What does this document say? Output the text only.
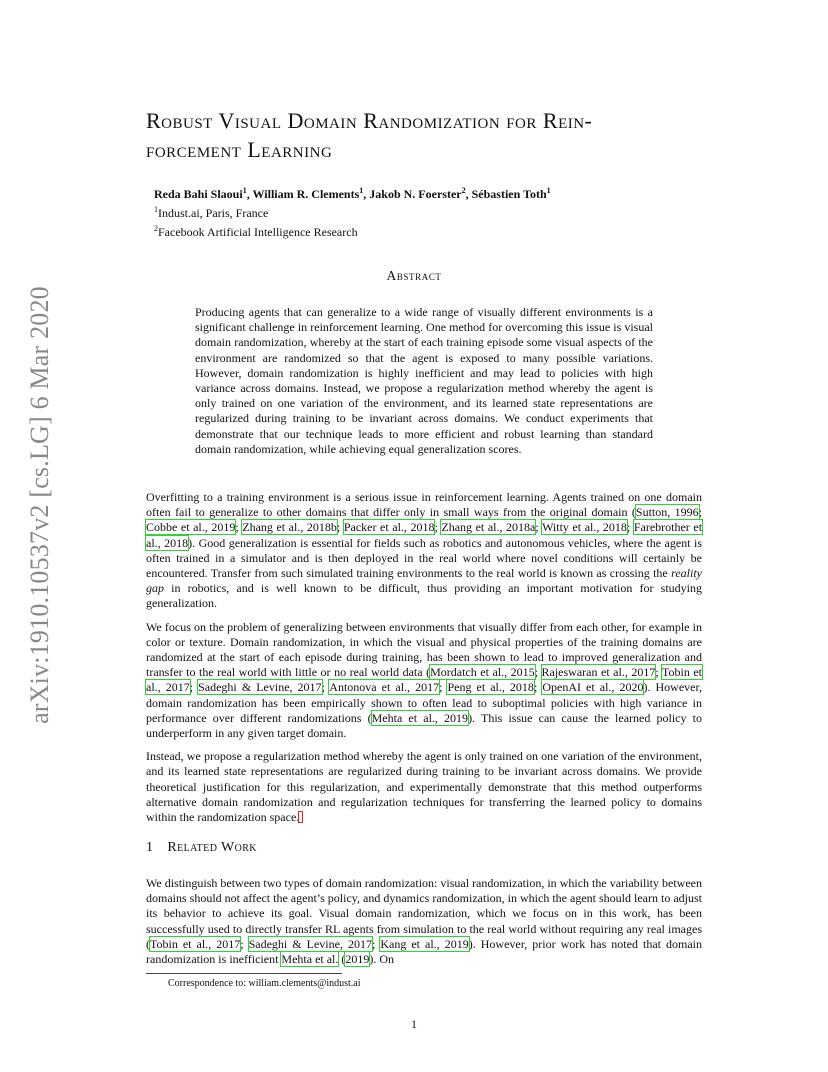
arXiv:1910.10537v2 [cs.LG] 6 Mar 2020
Robust Visual Domain Randomization for Rein-
forcement Learning
Reda Bahi Slaoui$^1$, William R. Clements$^1$, Jakob N. Foerster$^2$, Sébastien Toth$^1$
$^1$Indust.ai, Paris, France
$^2$Facebook Artificial Intelligence Research
Abstract

Producing agents that can generalize to a wide range of visually different environments is a significant challenge in reinforcement learning. One method for overcoming this issue is visual domain randomization, whereby at the start of each training episode some visual aspects of the environment are randomized so that the agent is exposed to many possible variations. However, domain randomization is highly inefficient and may lead to policies with high variance across domains. Instead, we propose a regularization method whereby the agent is only trained on one variation of the environment, and its learned state representations are regularized during training to be invariant across domains. We conduct experiments that demonstrate that our technique leads to more efficient and robust learning than standard domain randomization, while achieving equal generalization scores.

Overfitting to a training environment is a serious issue in reinforcement learning. Agents trained on one domain often fail to generalize to other domains that differ only in small ways from the original domain (Sutton, 1996; Cobbe et al., 2019; Zhang et al., 2018b; Packer et al., 2018; Zhang et al., 2018a; Witty et al., 2018; Farebrother et al., 2018). Good generalization is essential for fields such as robotics and autonomous vehicles, where the agent is often trained in a simulator and is then deployed in the real world where novel conditions will certainly be encountered. Transfer from such simulated training environments to the real world is known as crossing the reality gap in robotics, and is well known to be difficult, thus providing an important motivation for studying generalization.

We focus on the problem of generalizing between environments that visually differ from each other, for example in color or texture. Domain randomization, in which the visual and physical properties of the training domains are randomized at the start of each episode during training, has been shown to lead to improved generalization and transfer to the real world with little or no real world data (Mordatch et al., 2015; Rajeswaran et al., 2017; Tobin et al., 2017; Sadeghi & Levine, 2017; Antonova et al., 2017; Peng et al., 2018; OpenAI et al., 2020). However, domain randomization has been empirically shown to often lead to suboptimal policies with high variance in performance over different randomizations (Mehta et al., 2019). This issue can cause the learned policy to underperform in any given target domain.

Instead, we propose a regularization method whereby the agent is only trained on one variation of the environment, and its learned state representations are regularized during training to be invariant across domains. We provide theoretical justification for this regularization, and experimentally demonstrate that this method outperforms alternative domain randomization and regularization techniques for transferring the learned policy to domains within the randomization space.

1 Related Work

We distinguish between two types of domain randomization: visual randomization, in which the variability between domains should not affect the agent’s policy, and dynamics randomization, in which the agent should learn to adjust its behavior to achieve its goal. Visual domain randomization, which we focus on in this work, has been successfully used to directly transfer RL agents from simulation to the real world without requiring any real images (Tobin et al., 2017; Sadeghi & Levine, 2017; Kang et al., 2019). However, prior work has noted that domain randomization is inefficient Mehta et al. (2019). On

Correspondence to: william.clements@indust.ai
1
